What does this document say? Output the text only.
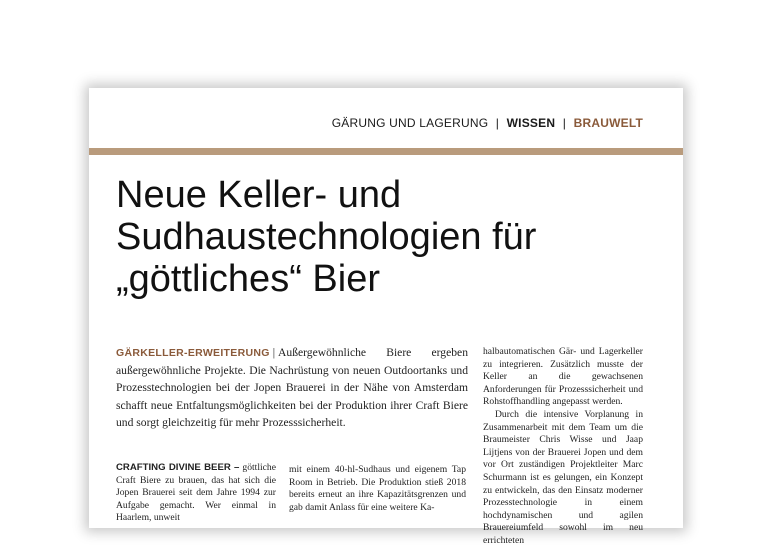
GÄRUNG UND LAGERUNG | WISSEN | BRAUWELT
Neue Keller- und Sudhaustechnologien für „göttliches“ Bier
GÄRKELLER-ERWEITERUNG | Außergewöhnliche Biere ergeben außergewöhnliche Projekte. Die Nachrüstung von neuen Outdoortanks und Prozesstechnologien bei der Jopen Brauerei in der Nähe von Amsterdam schafft neue Entfaltungsmöglichkeiten bei der Produktion ihrer Craft Biere und sorgt gleichzeitig für mehr Prozesssicherheit.

CRAFTING DIVINE BEER – göttliche Craft Biere zu brauen, das hat sich die Jopen Brauerei seit dem Jahre 1994 zur Aufgabe gemacht. Wer einmal in Haarlem, unweit

mit einem 40-hl-Sudhaus und eigenem Tap Room in Betrieb. Die Produktion stieß 2018 bereits erneut an ihre Kapazitätsgrenzen und gab damit Anlass für eine weitere Ka-

halbautomatischen Gär- und Lagerkeller zu integrieren. Zusätzlich musste der Keller an die gewachsenen Anforderungen für Prozesssicherheit und Rohstoffhandling angepasst werden.

Durch die intensive Vorplanung in Zusammenarbeit mit dem Team um die Braumeister Chris Wisse und Jaap Lijtjens von der Brauerei Jopen und dem vor Ort zuständigen Projektleiter Marc Schurmann ist es gelungen, ein Konzept zu entwickeln, das den Einsatz moderner Prozesstechnologie in einem hochdynamischen und agilen Brauereiumfeld sowohl im neu errichteten
